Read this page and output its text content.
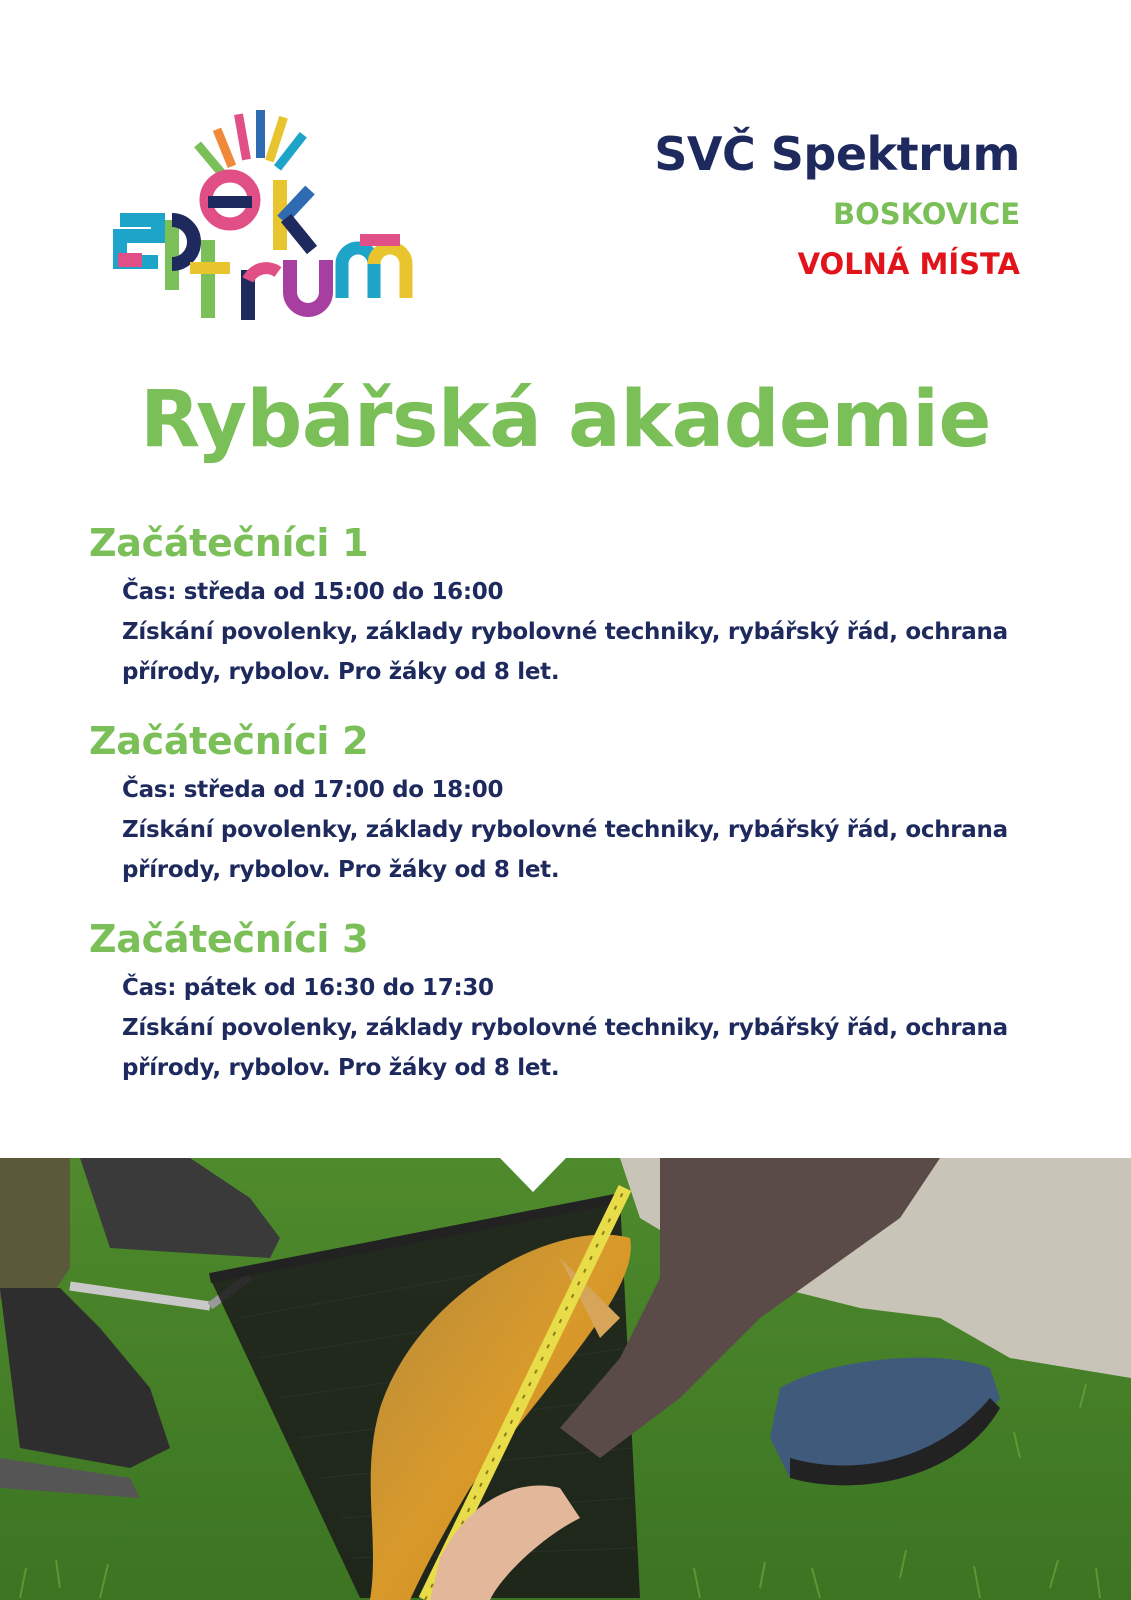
SVČ Spektrum
BOSKOVICE
VOLNÁ MÍSTA
Rybářská akademie
Začátečníci 1
Čas: středa od 15:00 do 16:00
Získání povolenky, základy rybolovné techniky, rybářský řád, ochrana přírody, rybolov. Pro žáky od 8 let.
Začátečníci 2
Čas: středa od 17:00 do 18:00
Získání povolenky, základy rybolovné techniky, rybářský řád, ochrana přírody, rybolov. Pro žáky od 8 let.
Začátečníci 3
Čas: pátek od 16:30 do 17:30
Získání povolenky, základy rybolovné techniky, rybářský řád, ochrana přírody, rybolov. Pro žáky od 8 let.
